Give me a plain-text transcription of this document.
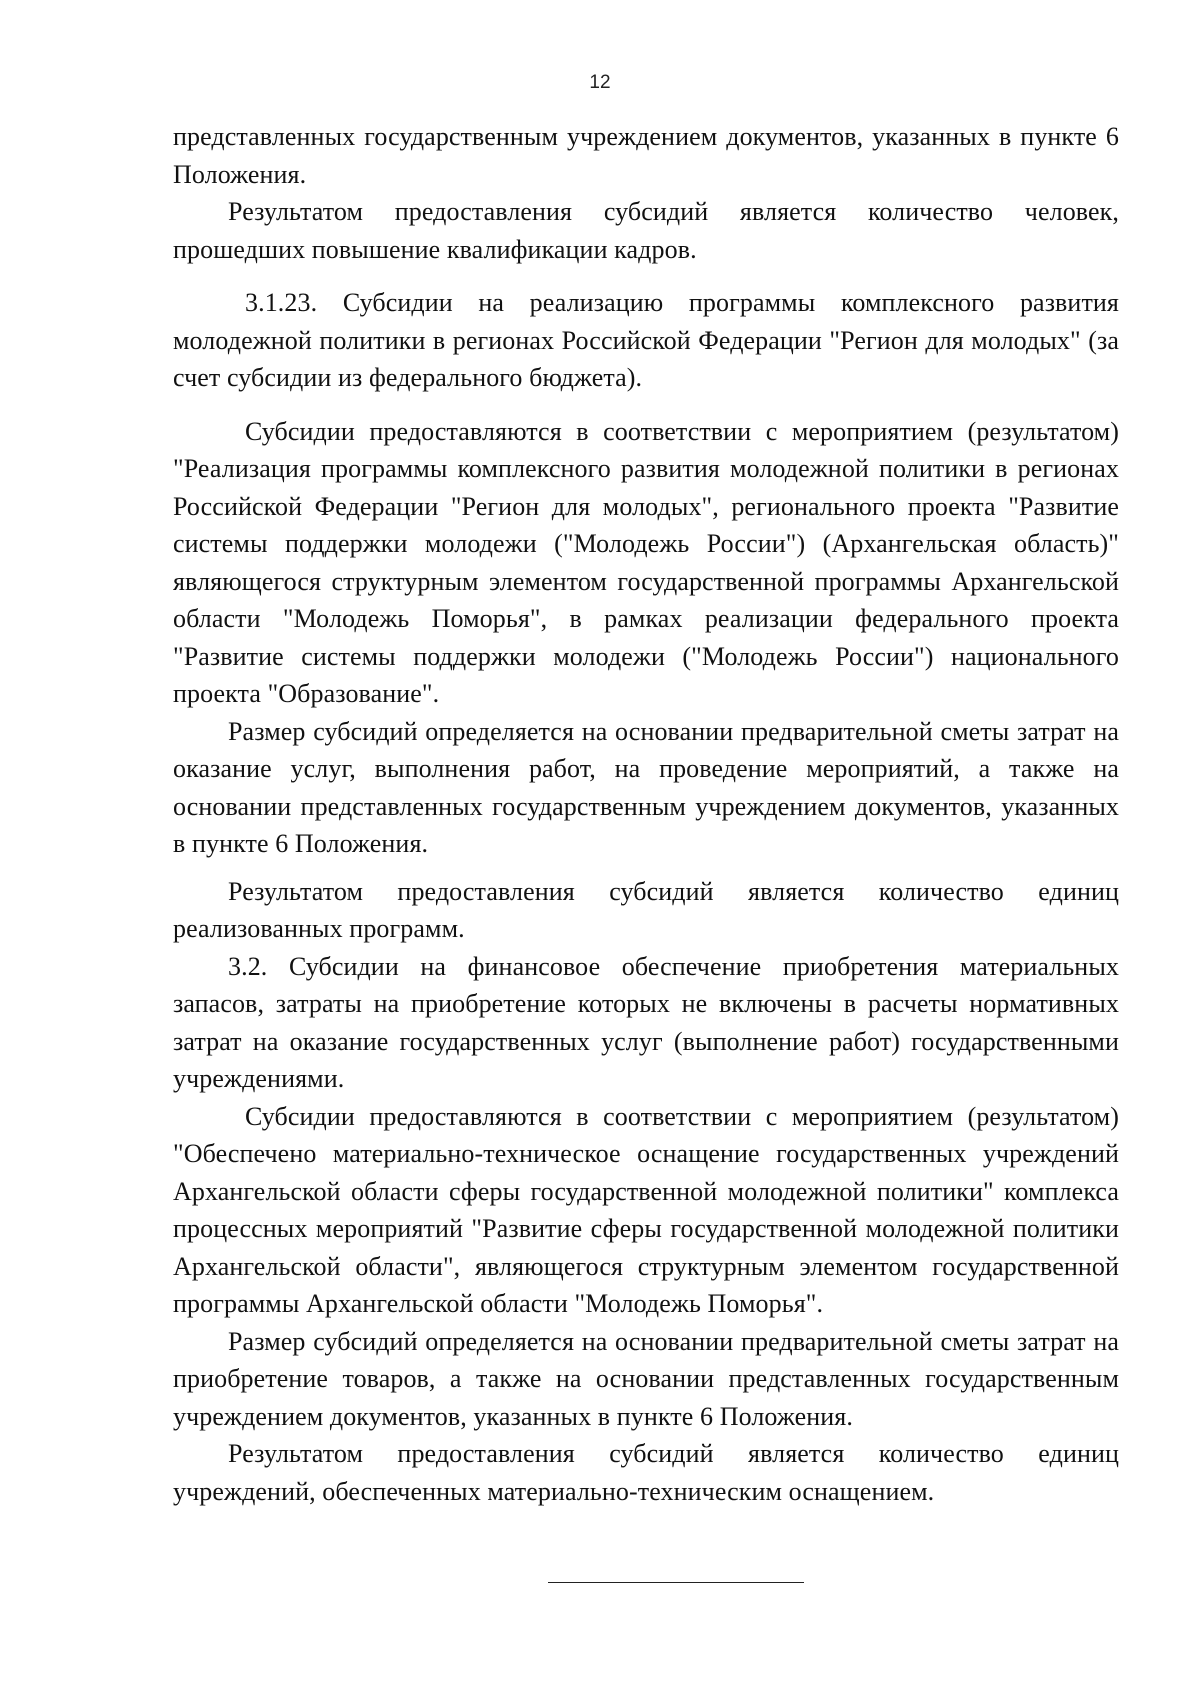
12

представленных государственным учреждением документов, указанных в пункте 6 Положения.

Результатом предоставления субсидий является количество человек, прошедших повышение квалификации кадров.

3.1.23. Субсидии на реализацию программы комплексного развития молодежной политики в регионах Российской Федерации "Регион для молодых" (за счет субсидии из федерального бюджета).

Субсидии предоставляются в соответствии с мероприятием (результатом) "Реализация программы комплексного развития молодежной политики в регионах Российской Федерации "Регион для молодых", регионального проекта "Развитие системы поддержки молодежи ("Молодежь России") (Архангельская область)" являющегося структурным элементом государственной программы Архангельской области "Молодежь Поморья", в рамках реализации федерального проекта "Развитие системы поддержки молодежи ("Молодежь России") национального проекта "Образование".

Размер субсидий определяется на основании предварительной сметы затрат на оказание услуг, выполнения работ, на проведение мероприятий, а также на основании представленных государственным учреждением документов, указанных в пункте 6 Положения.

Результатом предоставления субсидий является количество единиц реализованных программ.

3.2. Субсидии на финансовое обеспечение приобретения материальных запасов, затраты на приобретение которых не включены в расчеты нормативных затрат на оказание государственных услуг (выполнение работ) государственными учреждениями.

Субсидии предоставляются в соответствии с мероприятием (результатом) "Обеспечено материально-техническое оснащение государственных учреждений Архангельской области сферы государственной молодежной политики" комплекса процессных мероприятий "Развитие сферы государственной молодежной политики Архангельской области", являющегося структурным элементом государственной программы Архангельской области "Молодежь Поморья".

Размер субсидий определяется на основании предварительной сметы затрат на приобретение товаров, а также на основании представленных государственным учреждением документов, указанных в пункте 6 Положения.

Результатом предоставления субсидий является количество единиц учреждений, обеспеченных материально-техническим оснащением.
